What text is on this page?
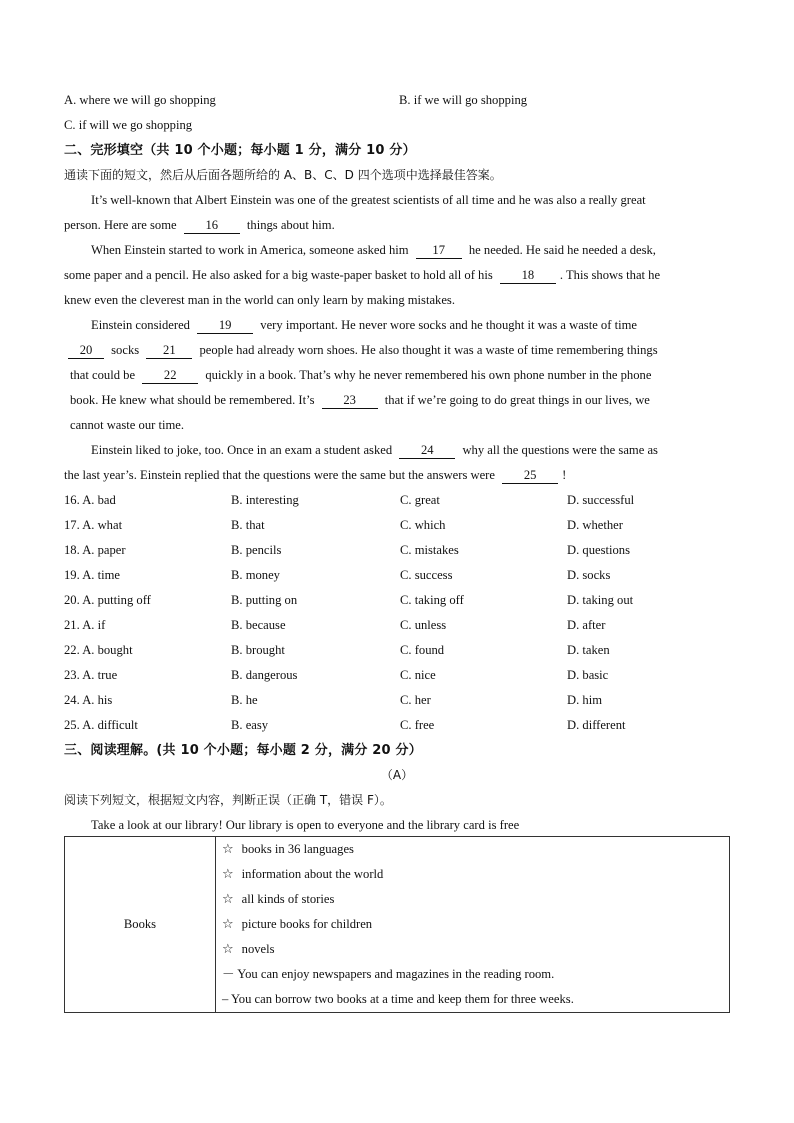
A. where we will go shopping	B. if we will go shopping
C. if will we go shopping
二、完形填空（共 10 个小题；每小题 1 分，满分 10 分）
通读下面的短文，然后从后面各题所给的 A、B、C、D 四个选项中选择最佳答案。
It’s well-known that Albert Einstein was one of the greatest scientists of all time and he was also a really great
person. Here are some 16 things about him.
When Einstein started to work in America, someone asked him 17 he needed. He said he needed a desk,
some paper and a pencil. He also asked for a big waste-paper basket to hold all of his 18 . This shows that he
knew even the cleverest man in the world can only learn by making mistakes.
Einstein considered 19 very important. He never wore socks and he thought it was a waste of time
20 socks 21 people had already worn shoes. He also thought it was a waste of time remembering things
that could be 22 quickly in a book. That’s why he never remembered his own phone number in the phone
book. He knew what should be remembered. It’s 23 that if we’re going to do great things in our lives, we
cannot waste our time.
Einstein liked to joke, too. Once in an exam a student asked 24 why all the questions were the same as
the last year’s. Einstein replied that the questions were the same but the answers were 25 !
16. A. bad	B. interesting	C. great	D. successful
17. A. what	B. that	C. which	D. whether
18. A. paper	B. pencils	C. mistakes	D. questions
19. A. time	B. money	C. success	D. socks
20. A. putting off	B. putting on	C. taking off	D. taking out
21. A. if	B. because	C. unless	D. after
22. A. bought	B. brought	C. found	D. taken
23. A. true	B. dangerous	C. nice	D. basic
24. A. his	B. he	C. her	D. him
25. A. difficult	B. easy	C. free	D. different
三、阅读理解。(共 10 个小题；每小题 2 分，满分 20 分）
（A）
阅读下列短文，根据短文内容，判断正误（正确 T，错误 F）。
Take a look at our library! Our library is open to everyone and the library card is free
Books	
☆ books in 36 languages
☆ information about the world
☆ all kinds of stories
☆ picture books for children
☆ novels
－ You can enjoy newspapers and magazines in the reading room.
– You can borrow two books at a time and keep them for three weeks.
